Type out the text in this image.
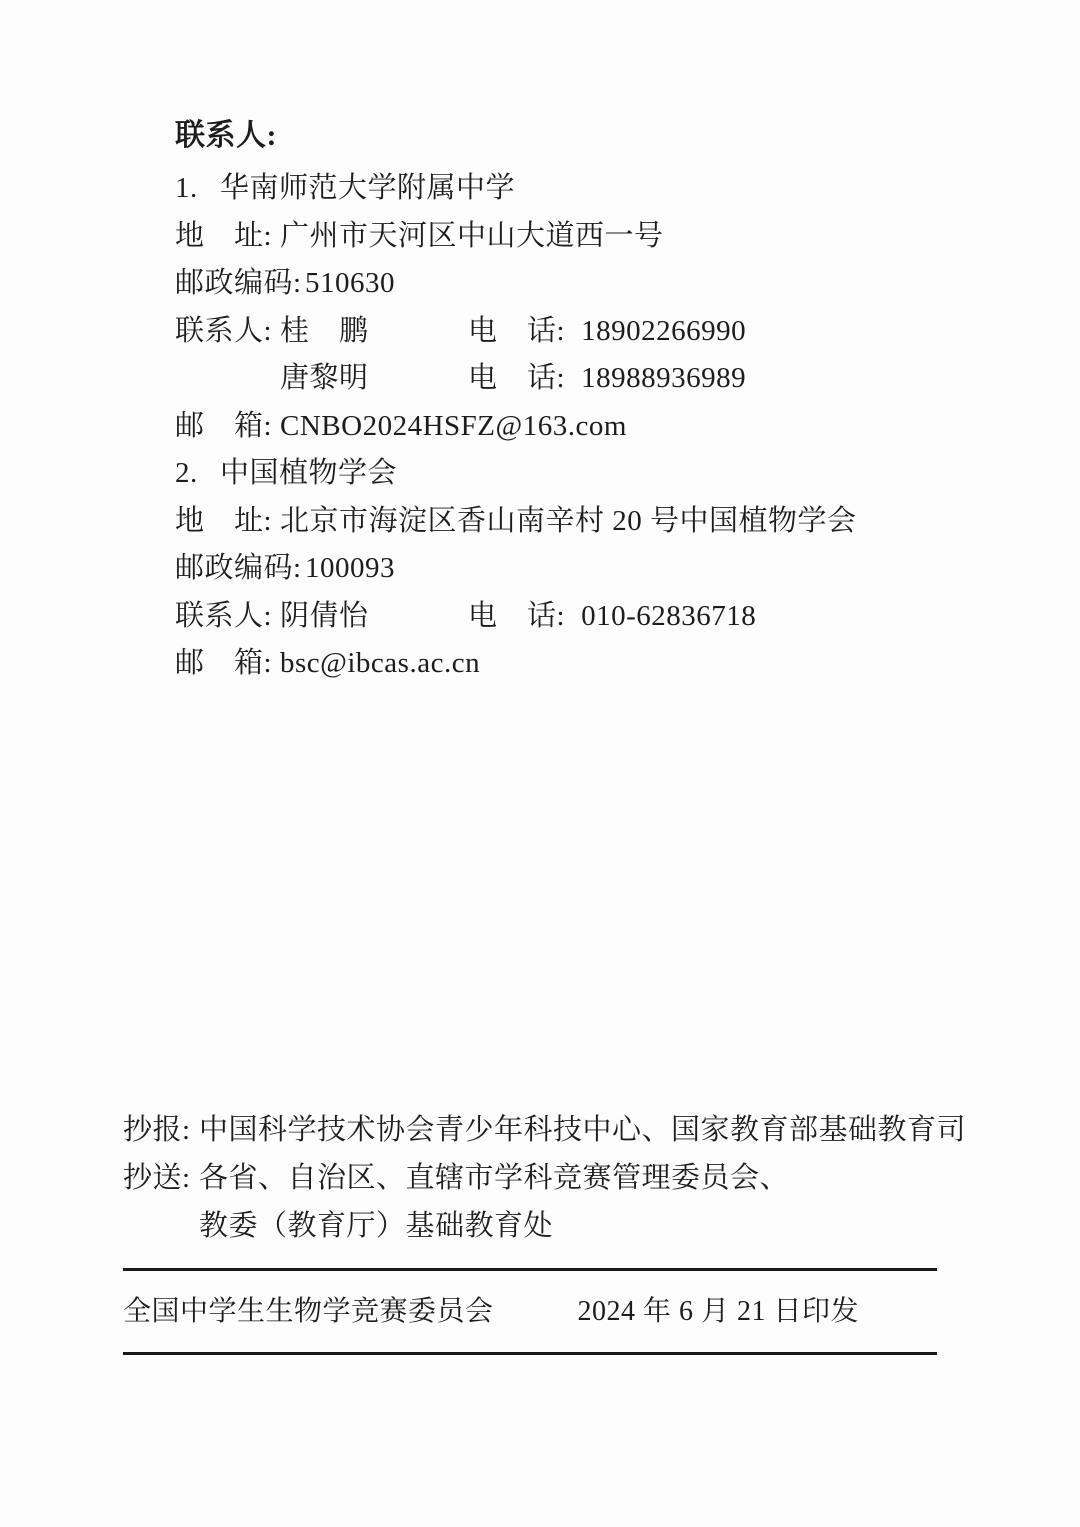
联系人:
1. 华南师范大学附属中学
地　址: 广州市天河区中山大道西一号
邮政编码: 510630
联系人: 桂　鹏	电　话: 18902266990
唐黎明	电　话: 18988936989
邮　箱: CNBO2024HSFZ@163.com
2. 中国植物学会
地　址: 北京市海淀区香山南辛村 20 号中国植物学会
邮政编码: 100093
联系人: 阴倩怡	电　话: 010-62836718
邮　箱: bsc@ibcas.ac.cn
抄报: 中国科学技术协会青少年科技中心、国家教育部基础教育司
抄送: 各省、自治区、直辖市学科竞赛管理委员会、
教委（教育厅）基础教育处
全国中学生生物学竞赛委员会	2024 年 6 月 21 日印发
